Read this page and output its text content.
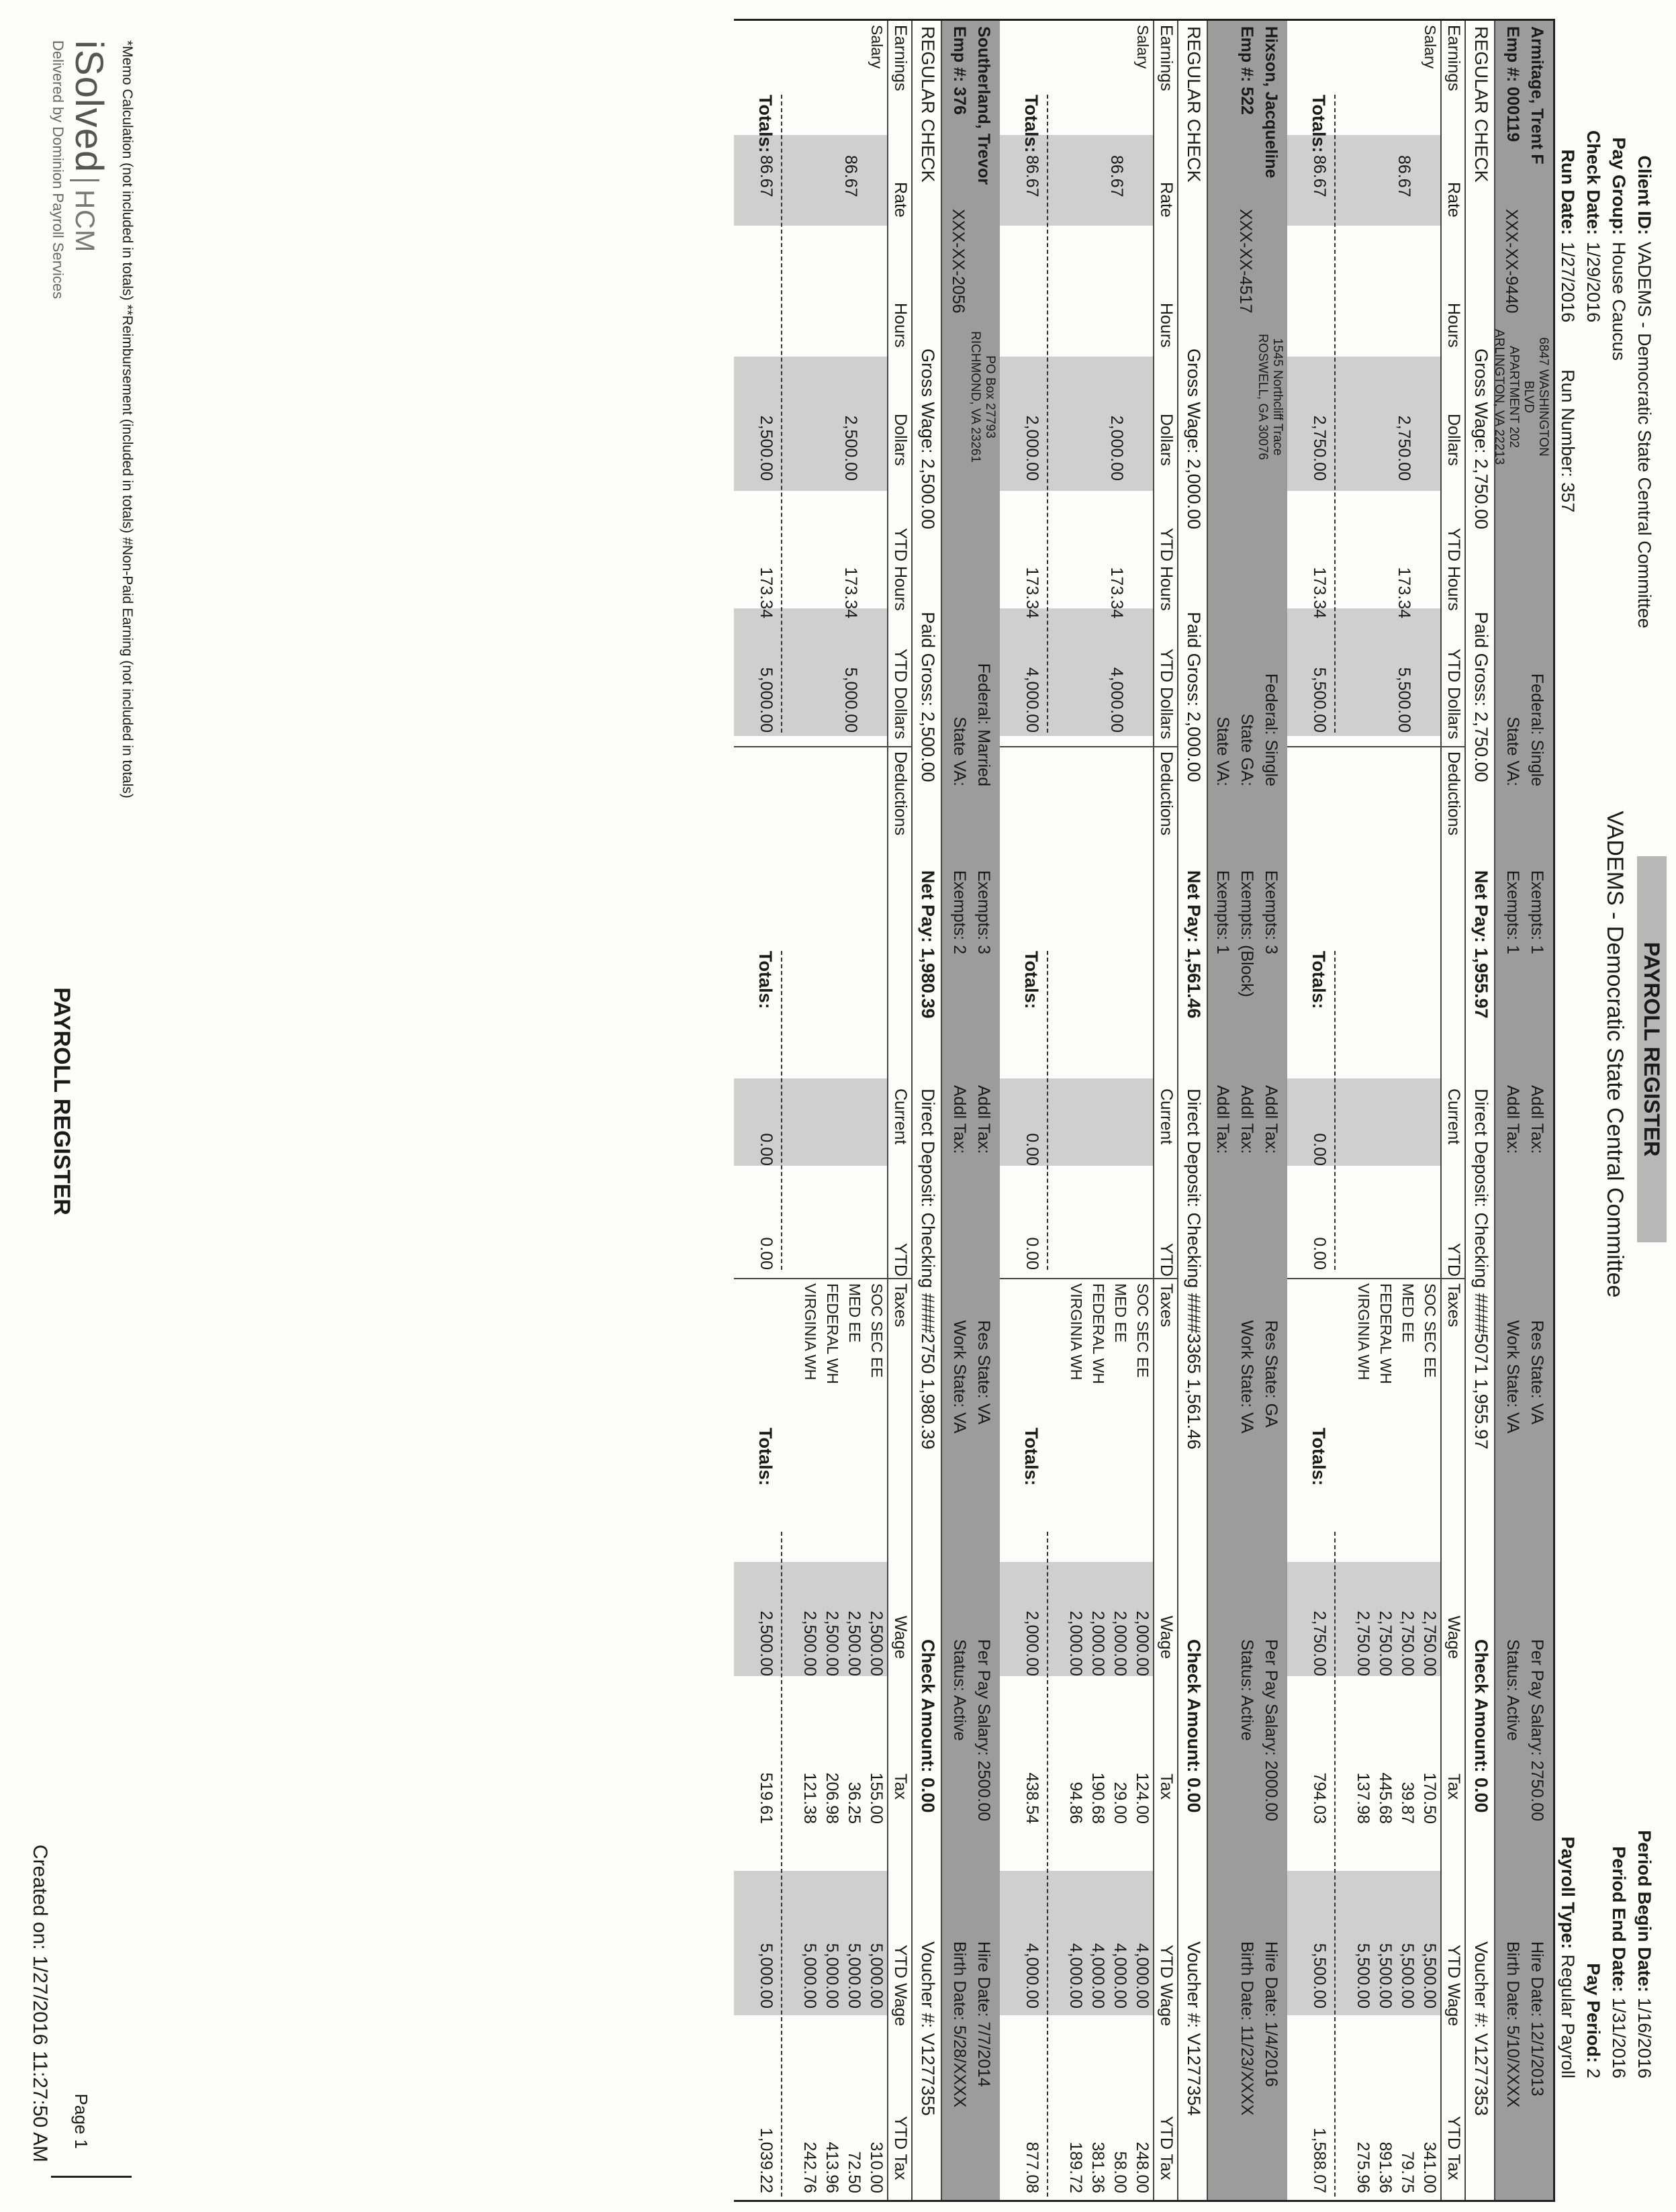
Client ID:
VADEMS - Democratic State Central Committee
Pay Group:
House Caucus
Check Date:
1/29/2016
Run Date:
1/27/2016
Run Number: 357
PAYROLL REGISTER
VADEMS - Democratic State Central Committee
Period Begin Date:
1/16/2016
Period End Date:
1/31/2016
Pay Period:
2
Payroll Type:
Regular Payroll
Armitage, Trent F
Emp #: 000119
XXX-XX-9440
6847 WASHINGTON BLVD
APARTMENT 202
ARLINGTON, VA 22213
Federal: Single
State VA:
Exempts: 1
Exempts: 1
Addl Tax:
Addl Tax:
Res State: VA
Work State: VA
Per Pay Salary: 2750.00
Status: Active
Hire Date: 12/1/2013
Birth Date: 5/10/XXXX
REGULAR CHECK
Gross Wage: 2,750.00
Paid Gross: 2,750.00
Net Pay: 1,955.97
Direct Deposit: Checking ####5071 1,955.97
Check Amount: 0.00
Voucher #: V1277353
Earnings
Rate
Hours
Dollars
YTD Hours
YTD Dollars
Deductions
Current
YTD
Taxes
Wage
Tax
YTD Wage
YTD Tax
Salary
86.67
2,750.00
173.34
5,500.00
SOC SEC EE
2,750.00
170.50
5,500.00
341.00
MED EE
2,750.00
39.87
5,500.00
79.75
FEDERAL WH
2,750.00
445.68
5,500.00
891.36
VIRGINIA WH
2,750.00
137.98
5,500.00
275.96
Totals:
86.67
2,750.00
173.34
5,500.00
Totals:
0.00
0.00
Totals:
2,750.00
794.03
5,500.00
1,588.07
Hixson, Jacqueline
Emp #: 522
XXX-XX-4517
1545 Northcliff Trace
ROSWELL, GA 30076

Federal: Single
State GA:
Exempts: 3
Exempts: (Block)
Addl Tax:
Addl Tax:
Res State: GA
Work State: VA
Per Pay Salary: 2000.00
Status: Active
Hire Date: 1/4/2016
Birth Date: 11/23/XXXX
State VA:
Exempts: 1
Addl Tax:
REGULAR CHECK
Gross Wage: 2,000.00
Paid Gross: 2,000.00
Net Pay: 1,561.46
Direct Deposit: Checking ####3365 1,561.46
Check Amount: 0.00
Voucher #: V1277354
Earnings
Rate
Hours
Dollars
YTD Hours
YTD Dollars
Deductions
Current
YTD
Taxes
Wage
Tax
YTD Wage
YTD Tax
Salary
86.67
2,000.00
173.34
4,000.00
SOC SEC EE
2,000.00
124.00
4,000.00
248.00
MED EE
2,000.00
29.00
4,000.00
58.00
FEDERAL WH
2,000.00
190.68
4,000.00
381.36
VIRGINIA WH
2,000.00
94.86
4,000.00
189.72
Totals:
86.67
2,000.00
173.34
4,000.00
Totals:
0.00
0.00
Totals:
2,000.00
438.54
4,000.00
877.08
Southerland, Trevor
Emp #: 376
XXX-XX-2056
PO Box 27793
RICHMOND, VA 23261

Federal: Married
State VA:
Exempts: 3
Exempts: 2
Addl Tax:
Addl Tax:
Res State: VA
Work State: VA
Per Pay Salary: 2500.00
Status: Active
Hire Date: 7/7/2014
Birth Date: 5/28/XXXX
REGULAR CHECK
Gross Wage: 2,500.00
Paid Gross: 2,500.00
Net Pay: 1,980.39
Direct Deposit: Checking ####2750 1,980.39
Check Amount: 0.00
Voucher #: V1277355
Earnings
Rate
Hours
Dollars
YTD Hours
YTD Dollars
Deductions
Current
YTD
Taxes
Wage
Tax
YTD Wage
YTD Tax
Salary
86.67
2,500.00
173.34
5,000.00
SOC SEC EE
2,500.00
155.00
5,000.00
310.00
MED EE
2,500.00
36.25
5,000.00
72.50
FEDERAL WH
2,500.00
206.98
5,000.00
413.96
VIRGINIA WH
2,500.00
121.38
5,000.00
242.76
Totals:
86.67
2,500.00
173.34
5,000.00
Totals:
0.00
0.00
Totals:
2,500.00
519.61
5,000.00
1,039.22
*Memo Calculation (not included in totals) **Reimbursement (included in totals) #Non-Paid Earning (not included in totals)
iSolvedHCM
Delivered by Dominion Payroll Services
PAYROLL REGISTER
Page 1
Created on: 1/27/2016 11:27:50 AM
